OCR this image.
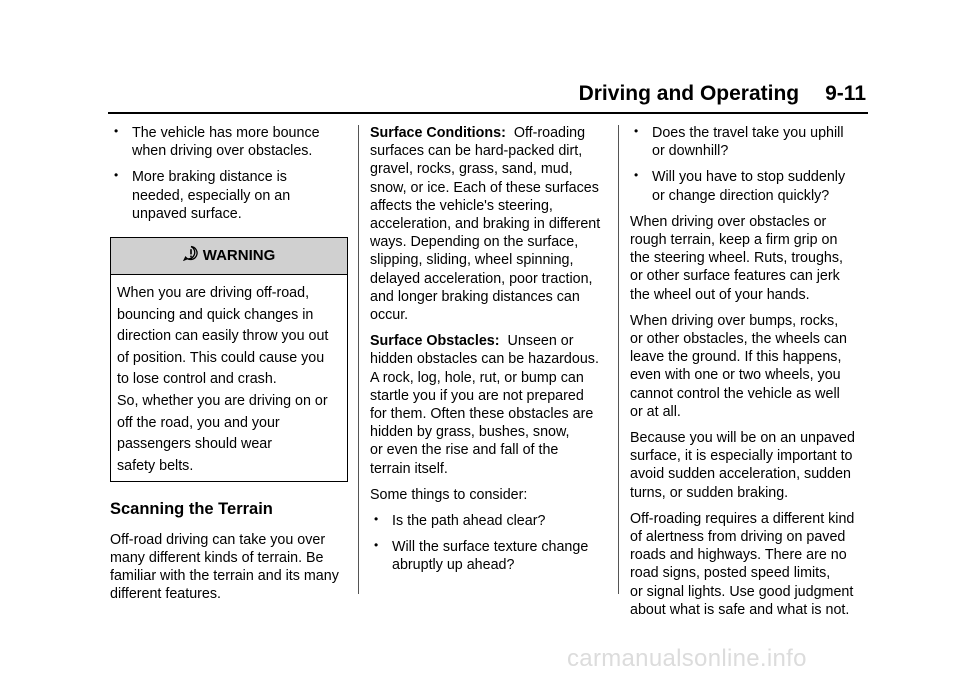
Driving and Operating 9-11
• The vehicle has more bounce
when driving over obstacles.
• More braking distance is
needed, especially on an
unpaved surface.
WARNING
When you are driving off-road,
bouncing and quick changes in
direction can easily throw you out
of position. This could cause you
to lose control and crash.
So, whether you are driving on or
off the road, you and your
passengers should wear
safety belts.
Scanning the Terrain

Off-road driving can take you over
many different kinds of terrain. Be
familiar with the terrain and its many
different features.

Surface Conditions: Off-roading
surfaces can be hard-packed dirt,
gravel, rocks, grass, sand, mud,
snow, or ice. Each of these surfaces
affects the vehicle's steering,
acceleration, and braking in different
ways. Depending on the surface,
slipping, sliding, wheel spinning,
delayed acceleration, poor traction,
and longer braking distances can
occur.

Surface Obstacles: Unseen or
hidden obstacles can be hazardous.
A rock, log, hole, rut, or bump can
startle you if you are not prepared
for them. Often these obstacles are
hidden by grass, bushes, snow,
or even the rise and fall of the
terrain itself.

Some things to consider:

• Is the path ahead clear?
• Will the surface texture change
abruptly up ahead?
• Does the travel take you uphill
or downhill?
• Will you have to stop suddenly
or change direction quickly?

When driving over obstacles or
rough terrain, keep a firm grip on
the steering wheel. Ruts, troughs,
or other surface features can jerk
the wheel out of your hands.

When driving over bumps, rocks,
or other obstacles, the wheels can
leave the ground. If this happens,
even with one or two wheels, you
cannot control the vehicle as well
or at all.

Because you will be on an unpaved
surface, it is especially important to
avoid sudden acceleration, sudden
turns, or sudden braking.

Off-roading requires a different kind
of alertness from driving on paved
roads and highways. There are no
road signs, posted speed limits,
or signal lights. Use good judgment
about what is safe and what is not.

carmanualsonline.info
